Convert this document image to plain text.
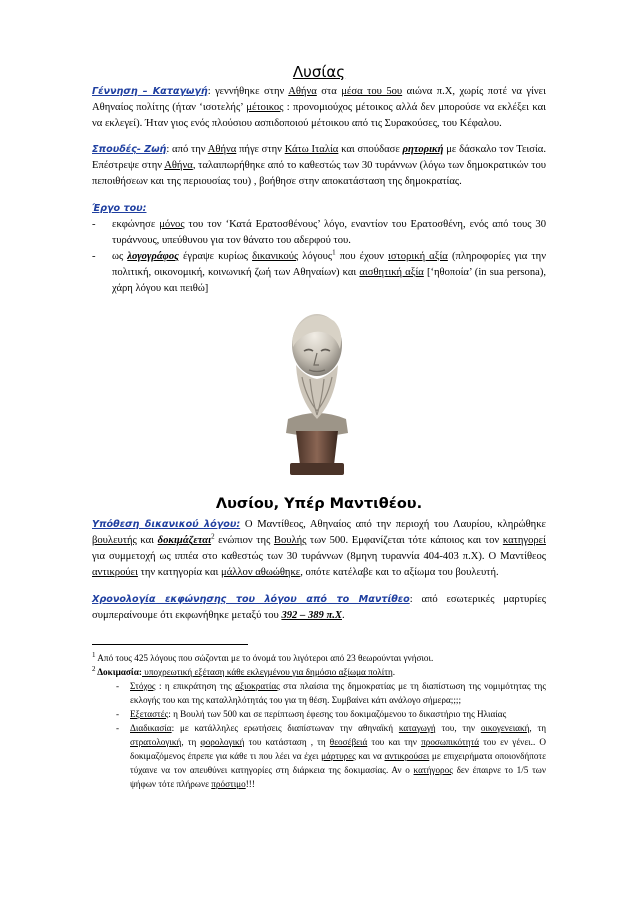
Λυσίας

Γέννηση – Καταγωγή: γεννήθηκε στην Αθήνα στα μέσα του 5ου αιώνα π.Χ, χωρίς ποτέ να γίνει Αθηναίος πολίτης (ήταν ‘ισοτελής’ μέτοικος : προνομιούχος μέτοικος αλλά δεν μπορούσε να εκλέξει και να εκλεγεί). Ήταν γιος ενός πλούσιου ασπιδοποιού μέτοικου από τις Συρακούσες, του Κέφαλου.

Σπουδές- Ζωή: από την Αθήνα πήγε στην Κάτω Ιταλία και σπούδασε ρητορική με δάσκαλο τον Τεισία. Επέστρεψε στην Αθήνα, ταλαιπωρήθηκε από το καθεστώς των 30 τυράννων (λόγω των δημοκρατικών του πεποιθήσεων και της περιουσίας του) , βοήθησε στην αποκατάσταση της δημοκρατίας.

Έργο του:

- εκφώνησε μόνος του τον ‘Κατά Ερατοσθένους’ λόγο, εναντίον του Ερατοσθένη, ενός από τους 30 τυράννους, υπεύθυνου για τον θάνατο του αδερφού του.
- ως λογογράφος έγραψε κυρίως δικανικούς λόγους$^1$ που έχουν ιστορική αξία (πληροφορίες για την πολιτική, οικονομική, κοινωνική ζωή των Αθηναίων) και αισθητική αξία [‘ηθοποία’ (in sua persona), χάρη λόγου και πειθώ]
Λυσίου, Υπέρ Μαντιθέου.

Υπόθεση δικανικού λόγου: Ο Μαντίθεος, Αθηναίος από την περιοχή του Λαυρίου, κληρώθηκε βουλευτής και δοκιμάζεται$^2$ ενώπιον της Βουλής των 500. Εμφανίζεται τότε κάποιος και τον κατηγορεί για συμμετοχή ως ιππέα στο καθεστώς των 30 τυράννων (8μηνη τυραννία 404-403 π.Χ). Ο Μαντίθεος αντικρούει την κατηγορία και μάλλον αθωώθηκε, οπότε κατέλαβε και το αξίωμα του βουλευτή.

Χρονολογία εκφώνησης του λόγου από το Μαντίθεο: από εσωτερικές μαρτυρίες συμπεραίνουμε ότι εκφωνήθηκε μεταξύ του 392 – 389 π.Χ.

$^1$ Από τους 425 λόγους που σώζονται με το όνομά του λιγότεροι από 23 θεωρούνται γνήσιοι.

$^2$ Δοκιμασία: υποχρεωτική εξέταση κάθε εκλεγμένου για δημόσιο αξίωμα πολίτη.

- Στόχος : η επικράτηση της αξιοκρατίας στα πλαίσια της δημοκρατίας με τη διαπίστωση της νομιμότητας της εκλογής του και της καταλληλότητάς του για τη θέση. Συμβαίνει κάτι ανάλογο σήμερα;;;;
- Εξεταστές: η Βουλή των 500 και σε περίπτωση έφεσης του δοκιμαζόμενου το δικαστήριο της Ηλιαίας
- Διαδικασία: με κατάλληλες ερωτήσεις διαπίστωναν την αθηναϊκή καταγωγή του, την οικογενειακή, τη στρατολογική, τη φορολογική του κατάσταση , τη θεοσέβειά του και την προσωπικότητά του εν γένει.. Ο δοκιμαζόμενος έπρεπε για κάθε τι που λέει να έχει μάρτυρες και να αντικρούσει με επιχειρήματα οποιονδήποτε τύχαινε να τον απευθύνει κατηγορίες στη διάρκεια της δοκιμασίας. Αν ο κατήγορος δεν έπαιρνε το 1/5 των ψήφων τότε πλήρωνε πρόστιμο!!!
